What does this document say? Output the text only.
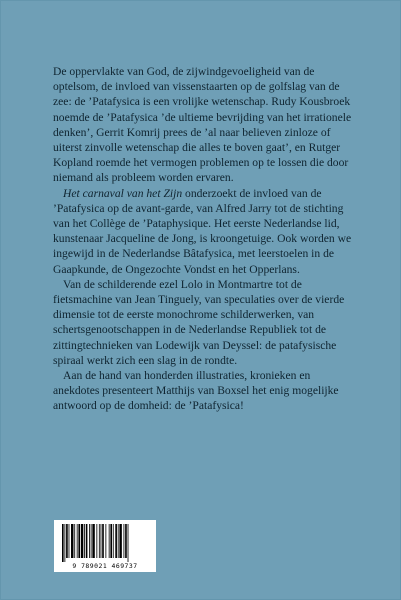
De oppervlakte van God, de zijwindgevoeligheid van de optelsom, de invloed van vissenstaarten op de golfslag van de zee: de ’Patafysica is een vrolijke wetenschap. Rudy Kousbroek noemde de ’Patafysica ’de ultieme bevrijding van het irrationele denken’, Gerrit Komrij prees de ’al naar believen zinloze of uiterst zinvolle wetenschap die alles te boven gaat’, en Rutger Kopland roemde het vermogen problemen op te lossen die door niemand als probleem worden ervaren.

Het carnaval van het Zijn onderzoekt de invloed van de ’Patafysica op de avant-garde, van Alfred Jarry tot de stichting van het Collège de ’Pataphysique. Het eerste Nederlandse lid, kunstenaar Jacqueline de Jong, is kroongetuige. Ook worden we ingewijd in de Nederlandse Bâtafysica, met leerstoelen in de Gaapkunde, de Ongezochte Vondst en het Opperlans.

Van de schilderende ezel Lolo in Montmartre tot de fietsmachine van Jean Tinguely, van speculaties over de vierde dimensie tot de eerste monochrome schilderwerken, van schertsgenootschappen in de Nederlandse Republiek tot de zittingtechnieken van Lodewijk van Deyssel: de patafysische spiraal werkt zich een slag in de rondte.

Aan de hand van honderden illustraties, kronieken en anekdotes presenteert Matthijs van Boxsel het enig mogelijke antwoord op de domheid: de ’Patafysica!

9 789021 469737
